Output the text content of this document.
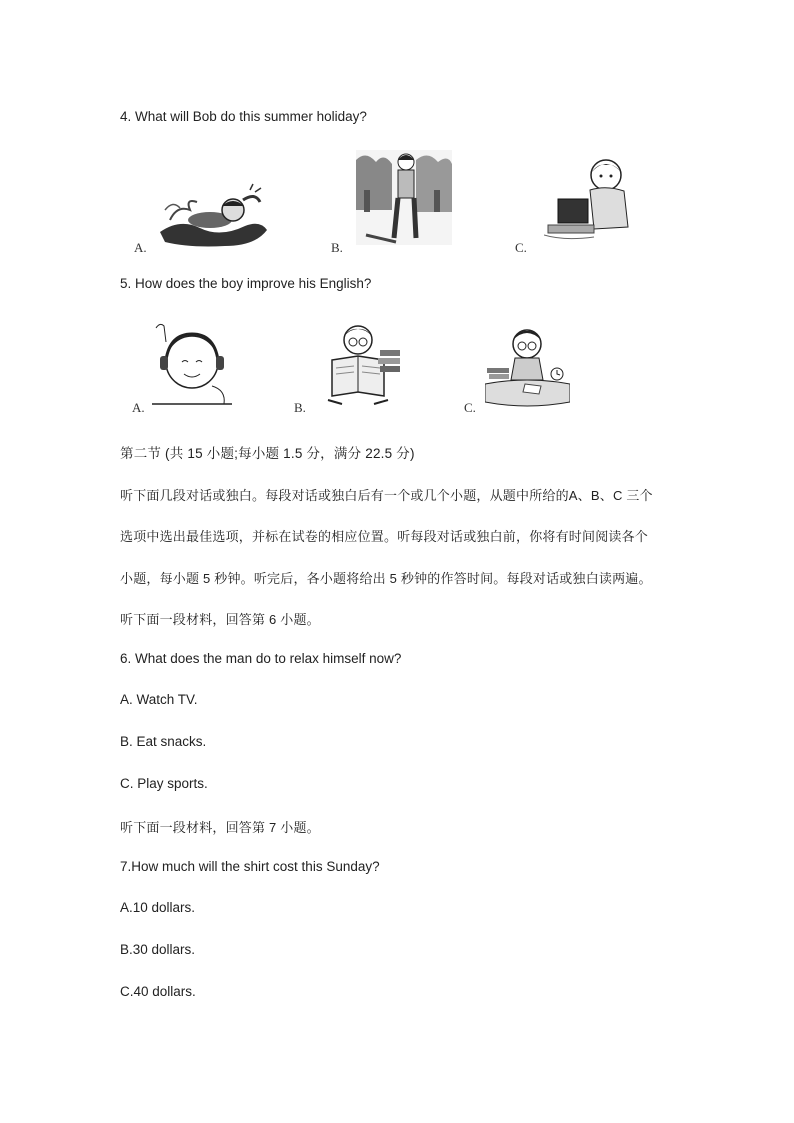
4. What will Bob do this summer holiday?
A.	B.	C.
5. How does the boy improve his English?
A.	B.	C.
第二节 (共 15 小题;每小题 1.5 分，满分 22.5 分)
听下面几段对话或独白。每段对话或独白后有一个或几个小题，从题中所给的A、B、C 三个
选项中选出最佳选项，并标在试卷的相应位置。听每段对话或独白前，你将有时间阅读各个
小题，每小题 5 秒钟。听完后，各小题将给出 5 秒钟的作答时间。每段对话或独白读两遍。
听下面一段材料，回答第 6 小题。
6. What does the man do to relax himself now?
A. Watch TV.
B. Eat snacks.
C. Play sports.
听下面一段材料，回答第 7 小题。
7.How much will the shirt cost this Sunday?
A.10 dollars.
B.30 dollars.
C.40 dollars.
